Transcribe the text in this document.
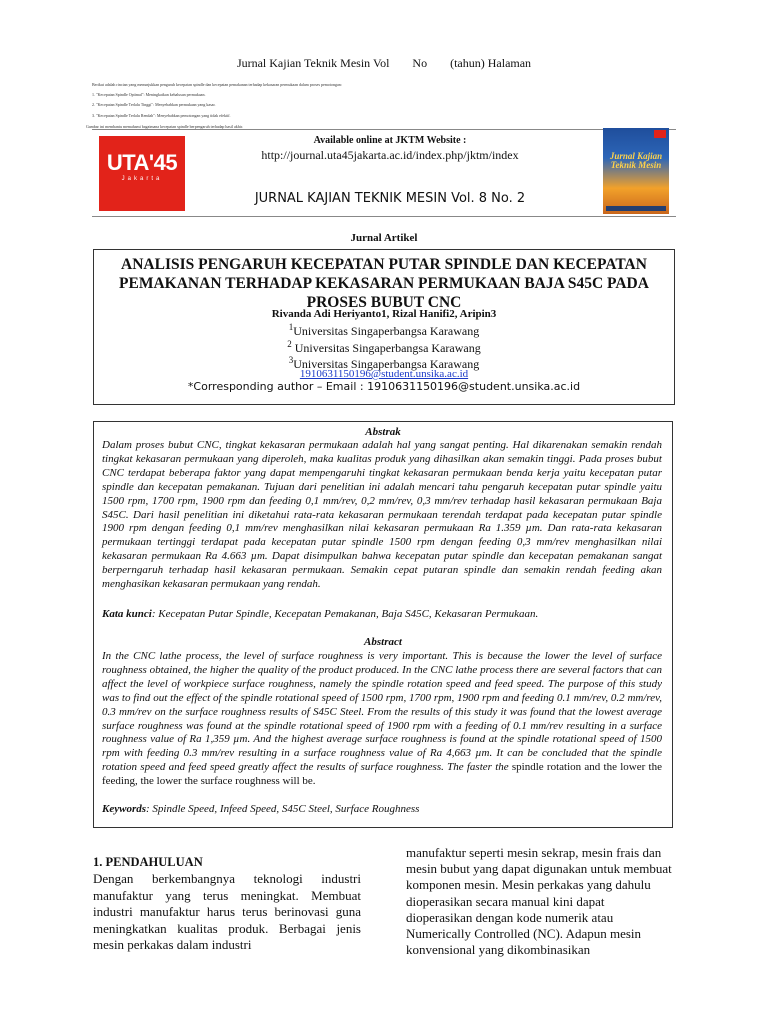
Jurnal Kajian Teknik Mesin Vol No (tahun) Halaman
Berikut adalah rincian yang menunjukkan pengaruh kecepatan spindle dan kecepatan pemakanan terhadap kekasaran permukaan dalam proses pemotongan:
1. "Kecepatan Spindle Optimal": Meningkatkan kehalusan permukaan.
2. "Kecepatan Spindle Terlalu Tinggi": Menyebabkan permukaan yang kasar.
3. "Kecepatan Spindle Terlalu Rendah": Menyebabkan pemotongan yang tidak efektif.
Gambar ini membantu memahami bagaimana kecepatan spindle berpengaruh terhadap hasil akhir.
UTA'45
Jakarta
Available online at JKTM Website :
http://journal.uta45jakarta.ac.id/index.php/jktm/index
JURNAL KAJIAN TEKNIK MESIN Vol. 8 No. 2
Jurnal Kajian Teknik Mesin
Jurnal Artikel
ANALISIS PENGARUH KECEPATAN PUTAR SPINDLE DAN KECEPATAN PEMAKANAN TERHADAP KEKASARAN PERMUKAAN BAJA S45C PADA PROSES BUBUT CNC
Rivanda Adi Heriyanto1, Rizal Hanifi2, Aripin3
$^1$Universitas Singaperbangsa Karawang
$^2$ Universitas Singaperbangsa Karawang
$^3$Universitas Singaperbangsa Karawang
1910631150196@student.unsika.ac.id
*Corresponding author – Email : 1910631150196@student.unsika.ac.id
Abstrak
Dalam proses bubut CNC, tingkat kekasaran permukaan adalah hal yang sangat penting. Hal dikarenakan semakin rendah tingkat kekasaran permukaan yang diperoleh, maka kualitas produk yang dihasilkan akan semakin tinggi. Pada proses bubut CNC terdapat beberapa faktor yang dapat mempengaruhi tingkat kekasaran permukaan benda kerja yaitu kecepatan putar spindle dan kecepatan pemakanan. Tujuan dari penelitian ini adalah mencari tahu pengaruh kecepatan putar spindle yaitu 1500 rpm, 1700 rpm, 1900 rpm dan feeding 0,1 mm/rev, 0,2 mm/rev, 0,3 mm/rev terhadap hasil kekasaran permukaan Baja S45C. Dari hasil penelitian ini diketahui rata-rata kekasaran permukaan terendah terdapat pada kecepatan putar spindle 1900 rpm dengan feeding 0,1 mm/rev menghasilkan nilai kekasaran permukaan Ra 1.359 µm. Dan rata-rata kekasaran permukaan tertinggi terdapat pada kecepatan putar spindle 1500 rpm dengan feeding 0,3 mm/rev menghasilkan nilai kekasaran permukaan Ra 4.663 µm. Dapat disimpulkan bahwa kecepatan putar spindle dan kecepatan pemakanan sangat berperngaruh terhadap hasil kekasaran permukaan. Semakin cepat putaran spindle dan semakin rendah feeding akan menghasikan kekasaran permukaan yang rendah.
Kata kunci: Kecepatan Putar Spindle, Kecepatan Pemakanan, Baja S45C, Kekasaran Permukaan.
Abstract
In the CNC lathe process, the level of surface roughness is very important. This is because the lower the level of surface roughness obtained, the higher the quality of the product produced. In the CNC lathe process there are several factors that can affect the level of workpiece surface roughness, namely the spindle rotation speed and feed speed. The purpose of this study was to find out the effect of the spindle rotational speed of 1500 rpm, 1700 rpm, 1900 rpm and feeding 0.1 mm/rev, 0.2 mm/rev, 0.3 mm/rev on the surface roughness results of S45C Steel. From the results of this study it was found that the lowest average surface roughness was found at the spindle rotational speed of 1900 rpm with a feeding of 0.1 mm/rev resulting in a surface roughness value of Ra 1,359 µm. And the highest average surface roughness is found at the spindle rotational speed of 1500 rpm with feeding 0.3 mm/rev resulting in a surface roughness value of Ra 4,663 µm. It can be concluded that the spindle rotation speed and feed speed greatly affect the results of surface roughness. The faster the spindle rotation and the lower the feeding, the lower the surface roughness will be.
Keywords: Spindle Speed, Infeed Speed, S45C Steel, Surface Roughness
1. PENDAHULUAN
Dengan berkembangnya teknologi industri manufaktur yang terus meningkat. Membuat industri manufaktur harus terus berinovasi guna meningkatkan kualitas produk. Berbagai jenis mesin perkakas dalam industri
manufaktur seperti mesin sekrap, mesin frais dan mesin bubut yang dapat digunakan untuk membuat komponen mesin. Mesin perkakas yang dahulu dioperasikan secara manual kini dapat dioperasikan dengan kode numerik atau Numerically Controlled (NC). Adapun mesin konvensional yang dikombinasikan
